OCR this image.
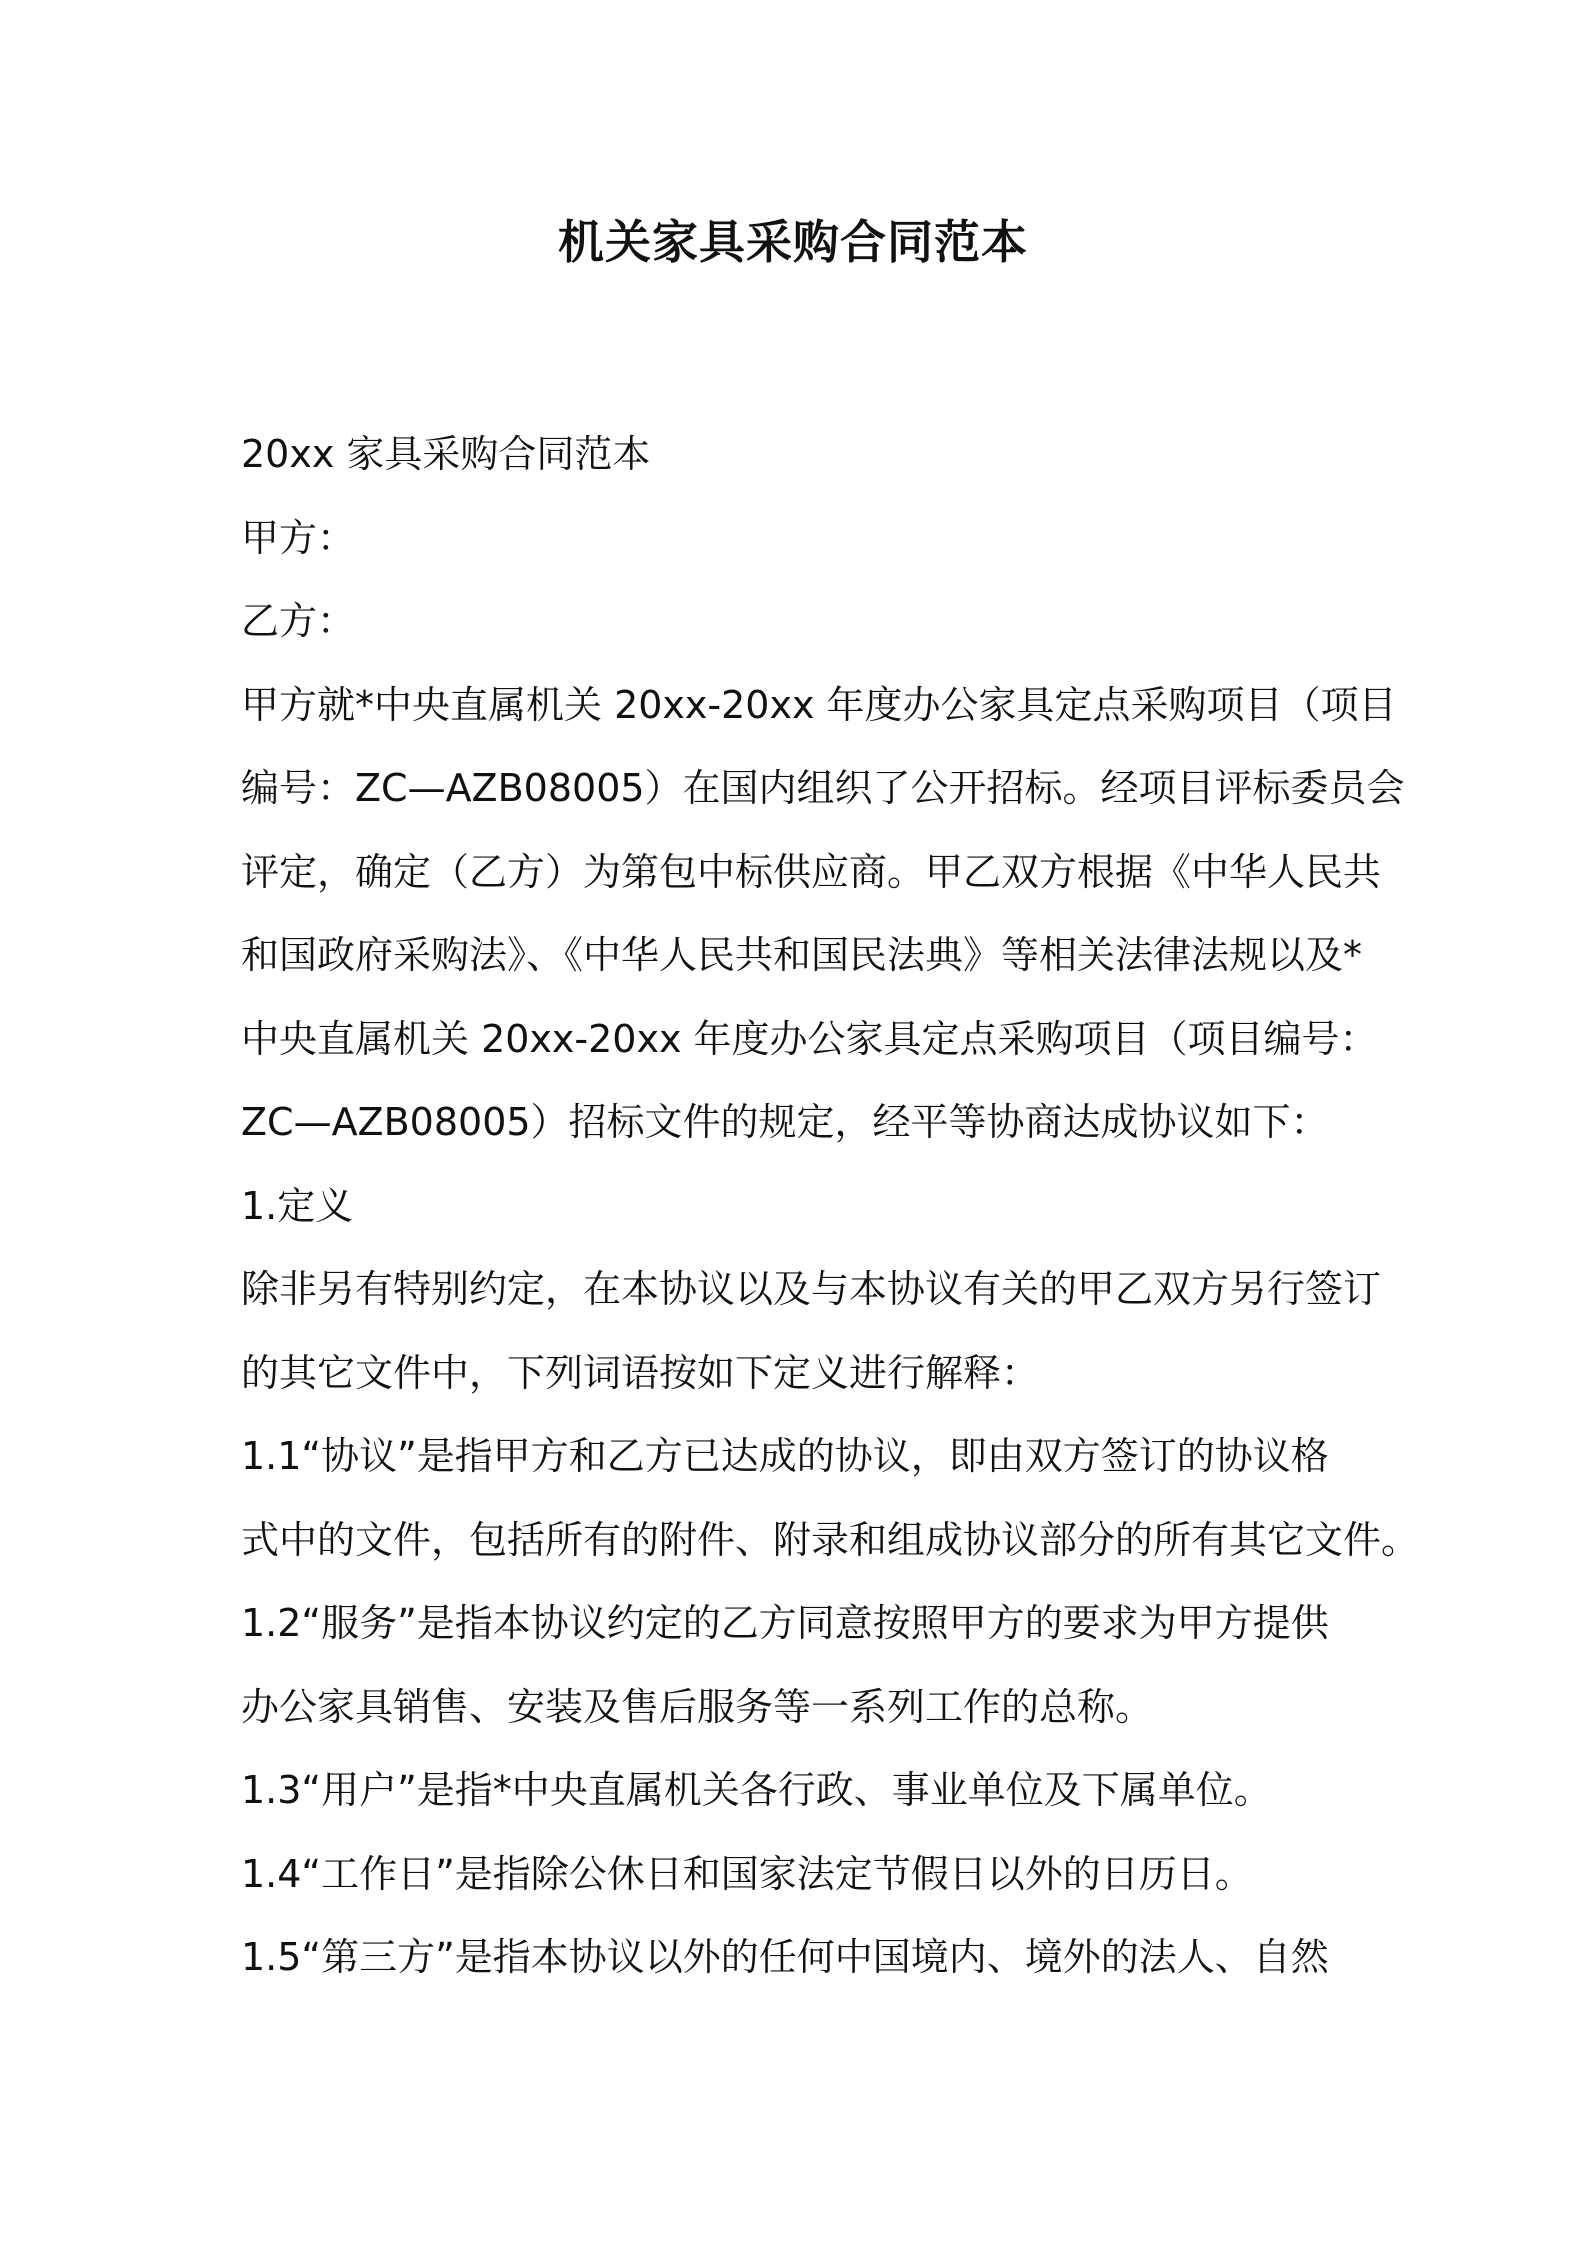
机关家具采购合同范本

20xx 家具采购合同范本

甲方：

乙方：

甲方就*中央直属机关 20xx-20xx 年度办公家具定点采购项目（项目

编号：ZC—AZB08005）在国内组织了公开招标。经项目评标委员会

评定，确定（乙方）为第包中标供应商。甲乙双方根据《中华人民共

和国政府采购法》、《中华人民共和国民法典》等相关法律法规以及*

中央直属机关 20xx-20xx 年度办公家具定点采购项目（项目编号：

ZC—AZB08005）招标文件的规定，经平等协商达成协议如下：

1.定义

除非另有特别约定，在本协议以及与本协议有关的甲乙双方另行签订

的其它文件中，下列词语按如下定义进行解释：

1.1“协议”是指甲方和乙方已达成的协议，即由双方签订的协议格

式中的文件，包括所有的附件、附录和组成协议部分的所有其它文件。

1.2“服务”是指本协议约定的乙方同意按照甲方的要求为甲方提供

办公家具销售、安装及售后服务等一系列工作的总称。

1.3“用户”是指*中央直属机关各行政、事业单位及下属单位。

1.4“工作日”是指除公休日和国家法定节假日以外的日历日。

1.5“第三方”是指本协议以外的任何中国境内、境外的法人、自然
